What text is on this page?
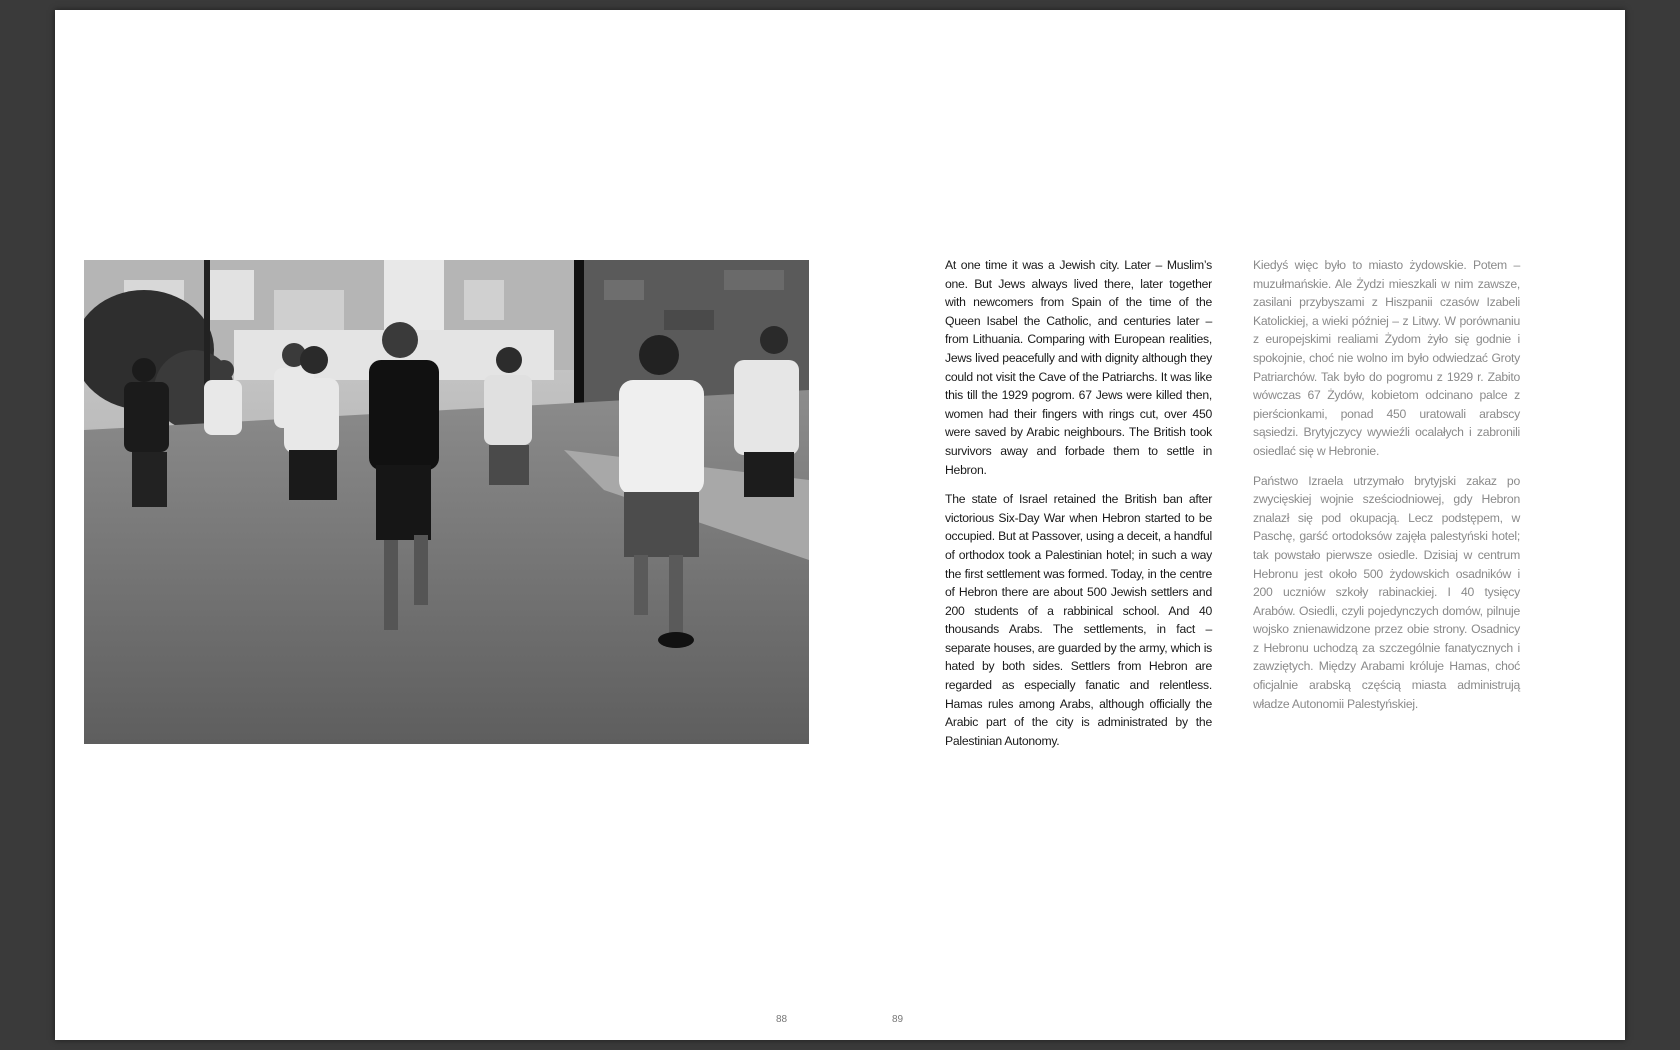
At one time it was a Jewish city. Later – Muslim’s one. But Jews always lived there, later together with newcomers from Spain of the time of the Queen Isabel the Catholic, and centuries later – from Lithuania. Comparing with European realities, Jews lived peacefully and with dignity although they could not visit the Cave of the Patriarchs. It was like this till the 1929 pogrom. 67 Jews were killed then, women had their fingers with rings cut, over 450 were saved by Arabic neighbours. The British took survivors away and forbade them to settle in Hebron.

The state of Israel retained the British ban after victorious Six-Day War when Hebron started to be occupied. But at Passover, using a deceit, a handful of orthodox took a Palestinian hotel; in such a way the first settlement was formed. Today, in the centre of Hebron there are about 500 Jewish settlers and 200 students of a rabbinical school. And 40 thousands Arabs. The settlements, in fact – separate houses, are guarded by the army, which is hated by both sides. Settlers from Hebron are regarded as especially fanatic and relentless. Hamas rules among Arabs, although officially the Arabic part of the city is administrated by the Palestinian Autonomy.

Kiedyś więc było to miasto żydowskie. Potem – muzułmańskie. Ale Żydzi mieszkali w nim zawsze, zasilani przybyszami z Hiszpanii czasów Izabeli Katolickiej, a wieki później – z Litwy. W porównaniu z europejskimi realiami Żydom żyło się godnie i spokojnie, choć nie wolno im było odwiedzać Groty Patriarchów. Tak było do pogromu z 1929 r. Zabito wówczas 67 Żydów, kobietom odcinano palce z pierścionkami, ponad 450 uratowali arabscy sąsiedzi. Brytyjczycy wywieźli ocalałych i zabronili osiedlać się w Hebronie.

Państwo Izraela utrzymało brytyjski zakaz po zwycięskiej wojnie sześciodniowej, gdy Hebron znalazł się pod okupacją. Lecz podstępem, w Paschę, garść ortodoksów zajęła palestyński hotel; tak powstało pierwsze osiedle. Dzisiaj w centrum Hebronu jest około 500 żydowskich osadników i 200 uczniów szkoły rabinackiej. I 40 tysięcy Arabów. Osiedli, czyli pojedynczych domów, pilnuje wojsko znienawidzone przez obie strony. Osadnicy z Hebronu uchodzą za szczególnie fanatycznych i zawziętych. Między Arabami króluje Hamas, choć oficjalnie arabską częścią miasta administrują władze Autonomii Palestyńskiej.

88	89
